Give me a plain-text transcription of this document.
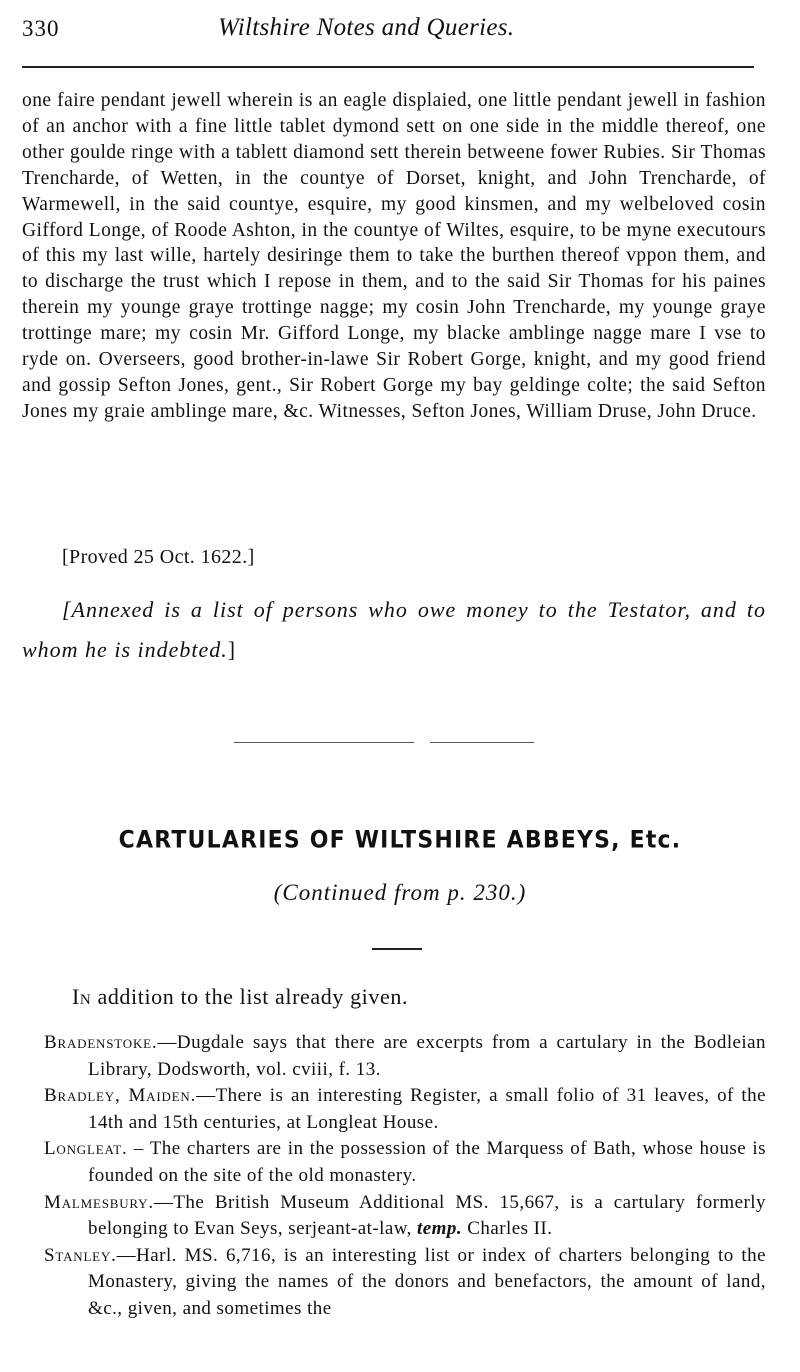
330	Wiltshire Notes and Queries.

one faire pendant jewell wherein is an eagle displaied, one little pendant jewell in fashion of an anchor with a fine little tablet dymond sett on one side in the middle thereof, one other goulde ringe with a tablett diamond sett therein betweene fower Rubies. Sir Thomas Trencharde, of Wetten, in the countye of Dorset, knight, and John Trencharde, of Warmewell, in the said countye, esquire, my good kinsmen, and my welbeloved cosin Gifford Longe, of Roode Ashton, in the countye of Wiltes, esquire, to be myne executours of this my last wille, hartely desiringe them to take the burthen thereof vppon them, and to discharge the trust which I repose in them, and to the said Sir Thomas for his paines therein my younge graye trottinge nagge; my cosin John Trencharde, my younge graye trottinge mare; my cosin Mr. Gifford Longe, my blacke amblinge nagge mare I vse to ryde on. Overseers, good brother-in-lawe Sir Robert Gorge, knight, and my good friend and gossip Sefton Jones, gent., Sir Robert Gorge my bay geldinge colte; the said Sefton Jones my graie amblinge mare, &c. Witnesses, Sefton Jones, William Druse, John Druce.

[Proved 25 Oct. 1622.]

[Annexed is a list of persons who owe money to the Testator, and to whom he is indebted.]

CARTULARIES OF WILTSHIRE ABBEYS, Etc.
(Continued from p. 230.)
In addition to the list already given.
Bradenstoke.—Dugdale says that there are excerpts from a cartulary in the Bodleian Library, Dodsworth, vol. cviii, f. 13.
Bradley, Maiden.—There is an interesting Register, a small folio of 31 leaves, of the 14th and 15th centuries, at Longleat House.
Longleat. – The charters are in the possession of the Marquess of Bath, whose house is founded on the site of the old monastery.
Malmesbury.—The British Museum Additional MS. 15,667, is a cartulary formerly belonging to Evan Seys, serjeant-at-law, temp. Charles II.
Stanley.—Harl. MS. 6,716, is an interesting list or index of charters belonging to the Monastery, giving the names of the donors and benefactors, the amount of land, &c., given, and sometimes the
